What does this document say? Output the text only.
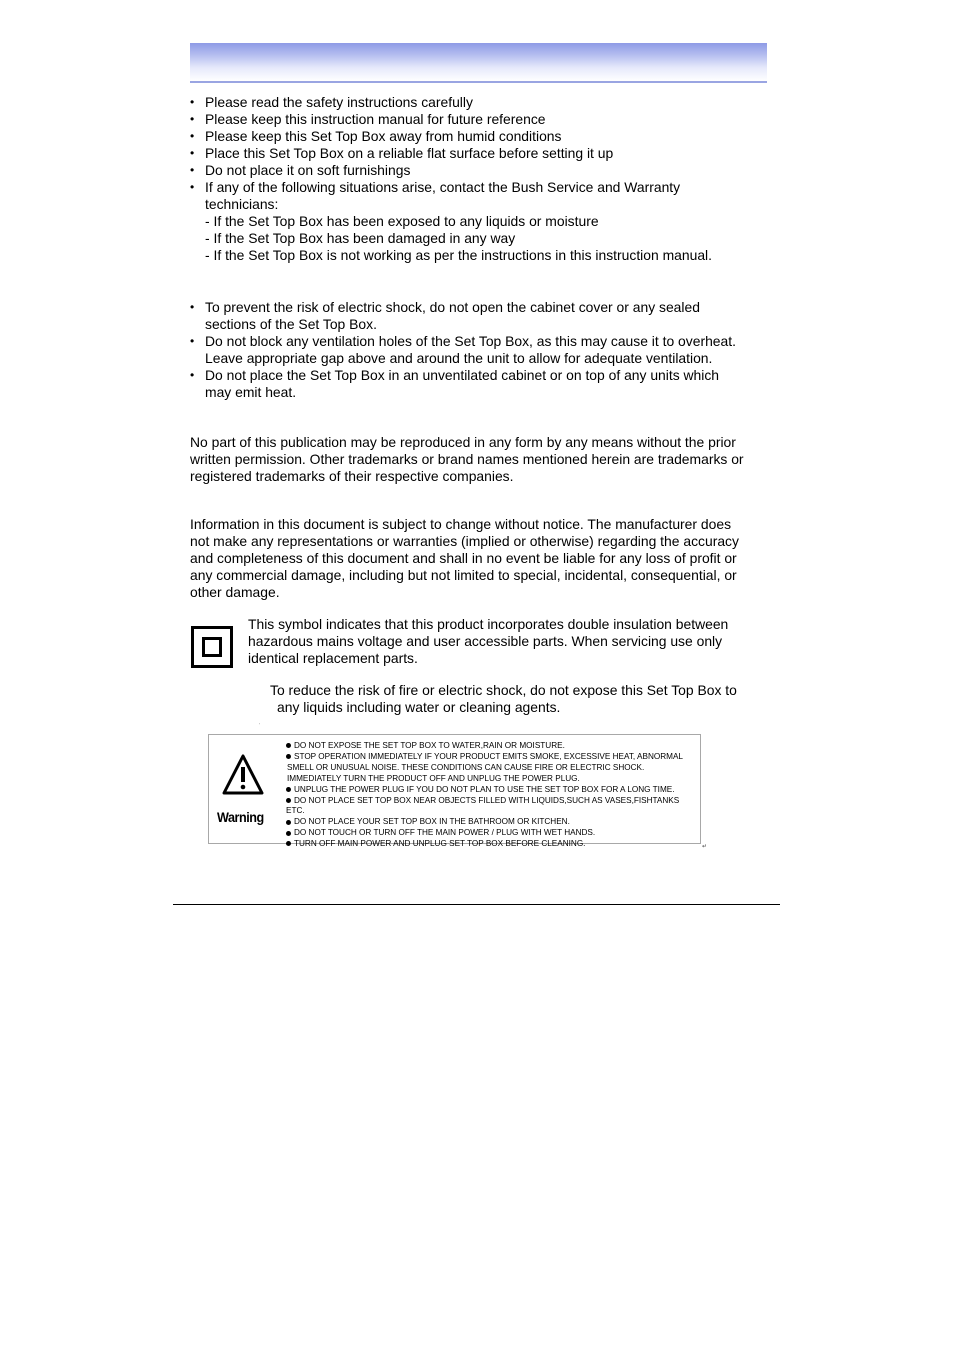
• Please read the safety instructions carefully
• Please keep this instruction manual for future reference
• Please keep this Set Top Box away from humid conditions
• Place this Set Top Box on a reliable flat surface before setting it up
• Do not place it on soft furnishings
• If any of the following situations arise, contact the Bush Service and Warranty
technicians:
- If the Set Top Box has been exposed to any liquids or moisture
- If the Set Top Box has been damaged in any way
- If the Set Top Box is not working as per the instructions in this instruction manual.
• To prevent the risk of electric shock, do not open the cabinet cover or any sealed
sections of the Set Top Box.
• Do not block any ventilation holes of the Set Top Box, as this may cause it to overheat.
Leave appropriate gap above and around the unit to allow for adequate ventilation.
• Do not place the Set Top Box in an unventilated cabinet or on top of any units which
may emit heat.
No part of this publication may be reproduced in any form by any means without the prior
written permission. Other trademarks or brand names mentioned herein are trademarks or
registered trademarks of their respective companies.
Information in this document is subject to change without notice. The manufacturer does
not make any representations or warranties (implied or otherwise) regarding the accuracy
and completeness of this document and shall in no event be liable for any loss of profit or
any commercial damage, including but not limited to special, incidental, consequential, or
other damage.
This symbol indicates that this product incorporates double insulation between
hazardous mains voltage and user accessible parts. When servicing use only
identical replacement parts.
To reduce the risk of fire or electric shock, do not expose this Set Top Box to
any liquids including water or cleaning agents.
˙
Warning
DO NOT EXPOSE THE SET TOP BOX TO WATER,RAIN OR MOISTURE.
STOP OPERATION IMMEDIATELY IF YOUR PRODUCT EMITS SMOKE, EXCESSIVE HEAT, ABNORMAL
SMELL OR UNUSUAL NOISE. THESE CONDITIONS CAN CAUSE FIRE OR ELECTRIC SHOCK.
IMMEDIATELY TURN THE PRODUCT OFF AND UNPLUG THE POWER PLUG.
UNPLUG THE POWER PLUG IF YOU DO NOT PLAN TO USE THE SET TOP BOX FOR A LONG TIME.
DO NOT PLACE SET TOP BOX NEAR OBJECTS FILLED WITH LIQUIDS,SUCH AS VASES,FISHTANKS ETC.
DO NOT PLACE YOUR SET TOP BOX IN THE BATHROOM OR KITCHEN.
DO NOT TOUCH OR TURN OFF THE MAIN POWER / PLUG WITH WET HANDS.
TURN OFF MAIN POWER AND UNPLUG SET TOP BOX BEFORE CLEANING.	↵
